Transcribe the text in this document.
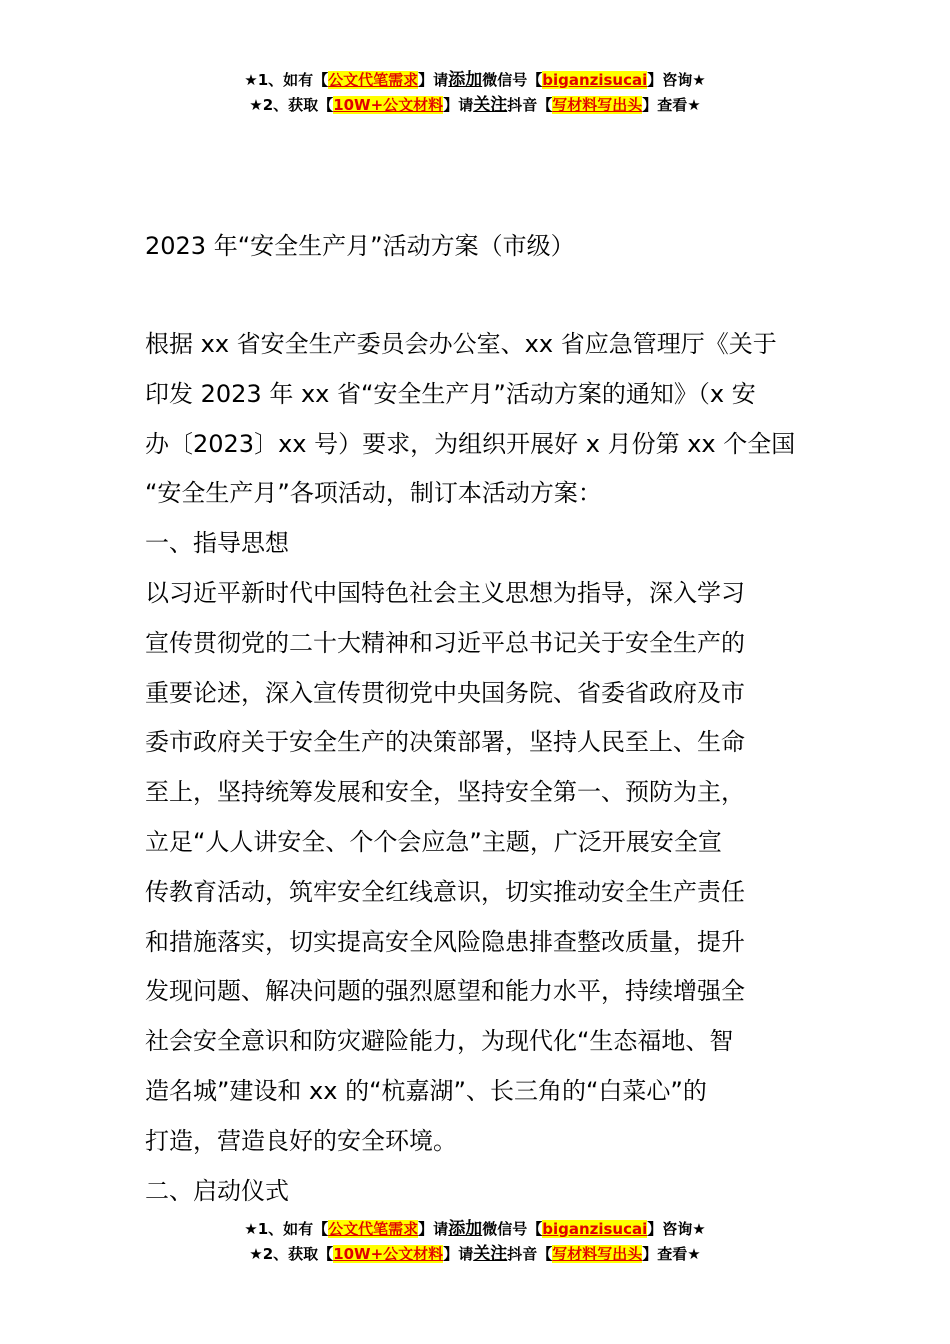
★1、如有【公文代笔需求】请添加微信号【biganzisucai】咨询★
★2、获取【10W+公文材料】请关注抖音【写材料写出头】查看★
2023 年“安全生产月”活动方案（市级）
根据 xx 省安全生产委员会办公室、xx 省应急管理厅《关于
印发 2023 年 xx 省“安全生产月”活动方案的通知》（x 安
办〔2023〕xx 号）要求，为组织开展好 x 月份第 xx 个全国
“安全生产月”各项活动，制订本活动方案：
一、指导思想
以习近平新时代中国特色社会主义思想为指导，深入学习
宣传贯彻党的二十大精神和习近平总书记关于安全生产的
重要论述，深入宣传贯彻党中央国务院、省委省政府及市
委市政府关于安全生产的决策部署，坚持人民至上、生命
至上，坚持统筹发展和安全，坚持安全第一、预防为主，
立足“人人讲安全、个个会应急”主题，广泛开展安全宣
传教育活动，筑牢安全红线意识，切实推动安全生产责任
和措施落实，切实提高安全风险隐患排查整改质量，提升
发现问题、解决问题的强烈愿望和能力水平，持续增强全
社会安全意识和防灾避险能力，为现代化“生态福地、智
造名城”建设和 xx 的“杭嘉湖”、长三角的“白菜心”的
打造，营造良好的安全环境。
二、启动仪式
★1、如有【公文代笔需求】请添加微信号【biganzisucai】咨询★
★2、获取【10W+公文材料】请关注抖音【写材料写出头】查看★
